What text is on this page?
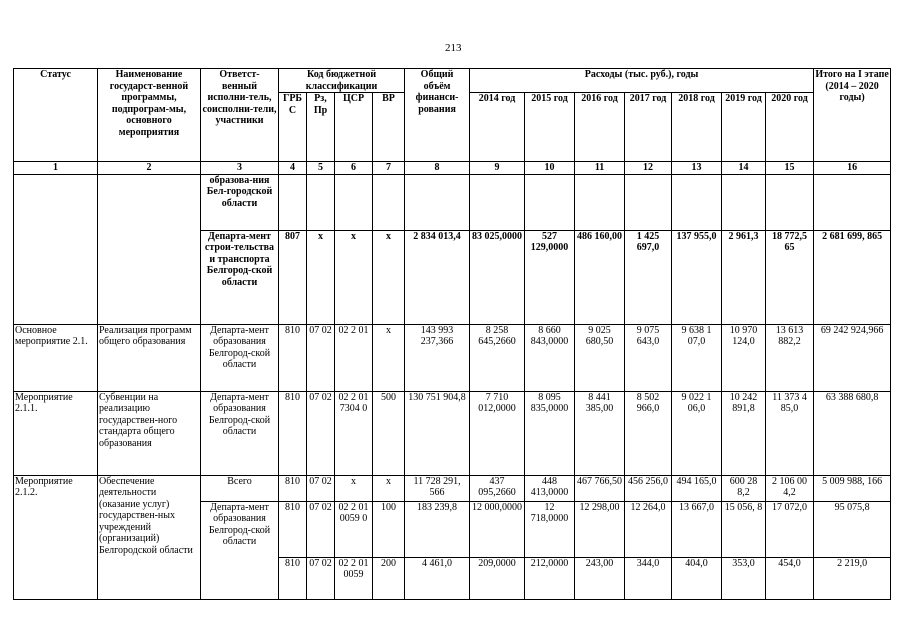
213
Статус	Наименование государст-венной программы, подпрограм-мы, основного мероприятия	Ответст-венный исполни-тель, соисполни-тели, участники	Код бюджетной классификации				Общий объём финанси-рования	Расходы (тыс. руб.), годы							Итого на I этапе (2014 – 2020 годы)
			ГРБ С	Рз, Пр	ЦСР	ВР		2014 год	2015 год	2016 год	2017 год	2018 год	2019 год	2020 год	
1	2	3	4	5	6	7	8	9	10	11	12	13	14	15	16
		образова-ния Бел-городской области													
		Департа-мент строи-тельства и транспорта Белгород-ской области	807	х	х	х	2 834 013,4	83 025,0000	527 129,0000	486 160,00	1 425 697,0	137 955,0	2 961,3	18 772,5 65	2 681 699, 865
Основное мероприятие 2.1.	Реализация программ общего образования	Департа-мент образования Белгород-ской области	810	07 02	02 2 01	х	143 993 237,366	8 258 645,2660	8 660 843,0000	9 025 680,50	9 075 643,0	9 638 1 07,0	10 970 124,0	13 613 882,2	69 242 924,966
Мероприятие 2.1.1.	Субвенции на реализацию государствен-ного стандарта общего образования	Департа-мент образования Белгород-ской области	810	07 02	02 2 01 7304 0	500	130 751 904,8	7 710 012,0000	8 095 835,0000	8 441 385,00	8 502 966,0	9 022 1 06,0	10 242 891,8	11 373 4 85,0	63 388 680,8
Мероприятие 2.1.2.	Обеспечение деятельности (оказание услуг) государствен-ных учреждений (организаций) Белгородской области	Всего	810	07 02	х	х	11 728 291, 566	437 095,2660	448 413,0000	467 766,50	456 256,0	494 165,0	600 28 8,2	2 106 00 4,2	5 009 988, 166
		Департа-мент образования Белгород-ской области	810	07 02	02 2 01 0059 0	100	183 239,8	12 000,0000	12 718,0000	12 298,00	12 264,0	13 667,0	15 056, 8	17 072,0	95 075,8
			810	07 02	02 2 01 0059	200	4 461,0	209,0000	212,0000	243,00	344,0	404,0	353,0	454,0	2 219,0
